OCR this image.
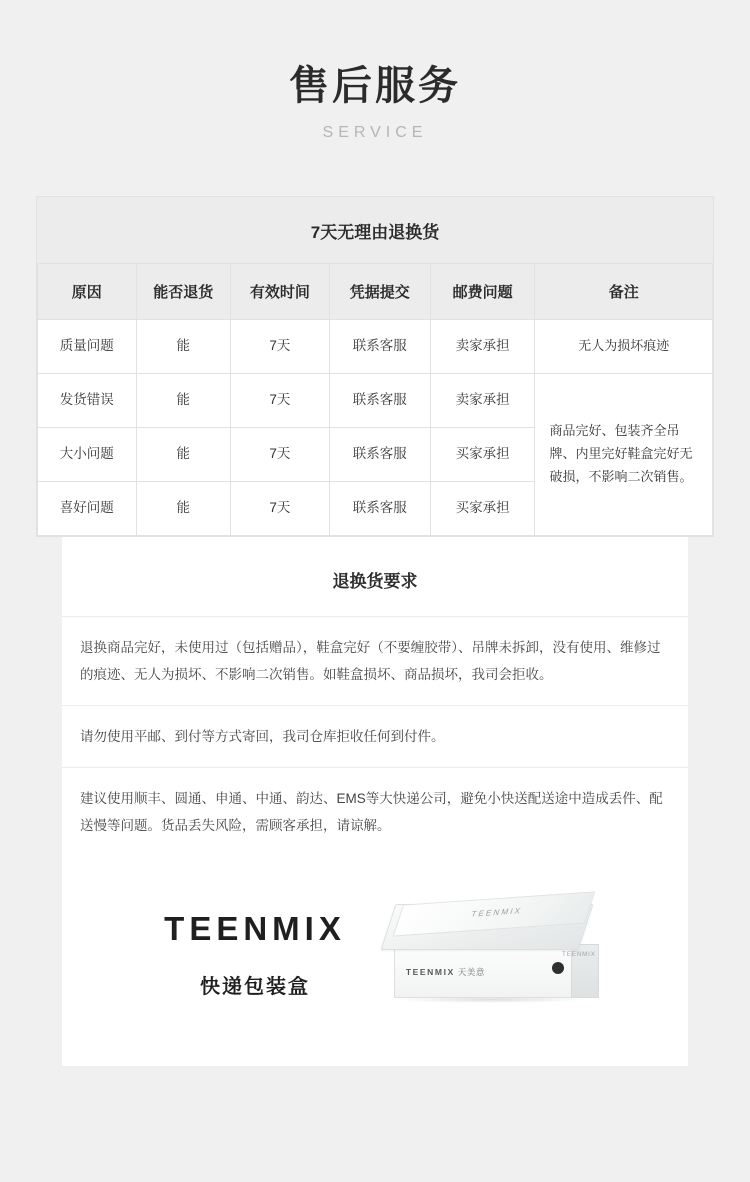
售后服务
SERVICE
7天无理由退换货
原因	能否退货	有效时间	凭据提交	邮费问题	备注
质量问题	能	7天	联系客服	卖家承担	无人为损坏痕迹
发货错误	能	7天	联系客服	卖家承担	商品完好、包装齐全吊牌、内里完好鞋盒完好无破损，不影响二次销售。
大小问题	能	7天	联系客服	买家承担	
喜好问题	能	7天	联系客服	买家承担	
退换货要求
退换商品完好，未使用过（包括赠品），鞋盒完好（不要缠胶带）、吊牌未拆卸，没有使用、维修过的痕迹、无人为损坏、不影响二次销售。如鞋盒损坏、商品损坏，我司会拒收。
请勿使用平邮、到付等方式寄回，我司仓库拒收任何到付件。
建议使用顺丰、圆通、申通、中通、韵达、EMS等大快递公司，避免小快送配送途中造成丢件、配送慢等问题。货品丢失风险，需顾客承担，请谅解。
TEENMIX
快递包装盒
TEENMIX
TEENMIX 天美意
TEENMIX
